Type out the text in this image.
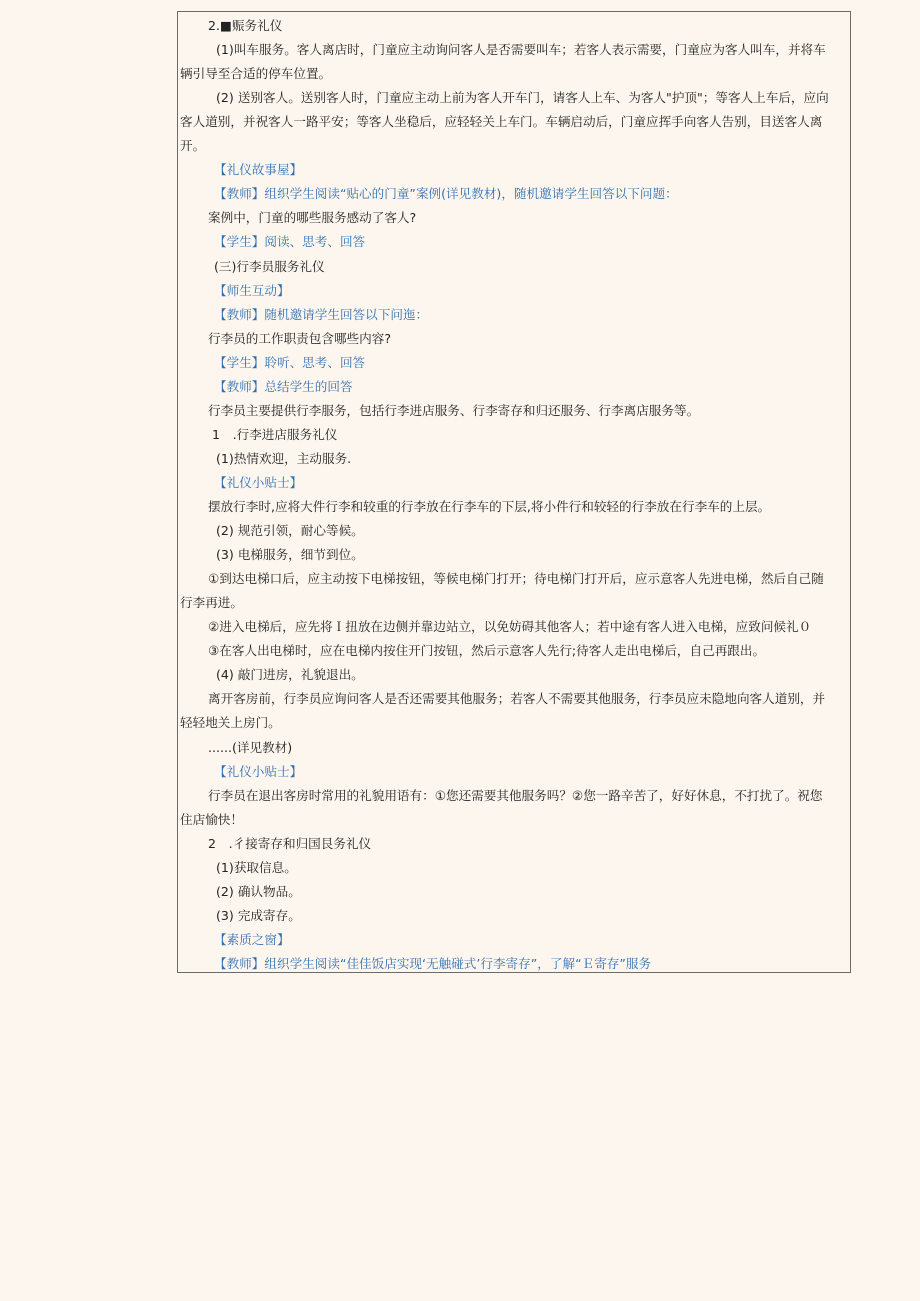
2.■赈务礼仪
(1)叫车服务。客人离店时，门童应主动询问客人是否需要叫车；若客人表示需要，门童应为客人叫车，并将车
辆引导至合适的停车位置。
(2) 送别客人。送别客人时，门童应主动上前为客人开车门，请客人上车、为客人"护顶"；等客人上车后，应向
客人道别，并祝客人一路平安；等客人坐稳后，应轻轻关上车门。车辆启动后，门童应挥手向客人告别，目送客人离
开。
【礼仪故事屋】
【教师】组织学生阅读“贴心的门童”案例(详见教材)，随机邀请学生回答以下问题：
案例中，门童的哪些服务感动了客人?
【学生】阅读、思考、回答
(三)行李员服务礼仪
【师生互动】
【教师】随机邀请学生回答以下问迤：
行李员的工作职责包含哪些内容?
【学生】聆听、思考、回答
【教师】总结学生的回答
行李员主要提供行李服务，包括行李进店服务、行李寄存和归还服务、行李离店服务等。
1　.行李进店服务礼仪
(1)热情欢迎，主动服务.
【礼仪小贴士】
摆放行李时,应将大件行李和较重的行李放在行李车的下层,将小件行和较轻的行李放在行李车的上层。
(2) 规范引领，耐心等候。
(3) 电梯服务，细节到位。
①到达电梯口后，应主动按下电梯按钮，等候电梯门打开；待电梯门打开后，应示意客人先进电梯，然后自己随
行李再进。
②进入电梯后，应先将Ｉ扭放在边侧并靠边站立，以免妨碍其他客人；若中途有客人进入电梯，应致问候礼０
③在客人出电梯时，应在电梯内按住开门按钮，然后示意客人先行;待客人走出电梯后，自己再跟出。
(4) 敲门进房，礼貌退出。
离开客房前，行李员应询问客人是否还需要其他服务；若客人不需要其他服务，行李员应未隐地向客人道别，并
轻轻地关上房门。
......(详见教材)
【礼仪小贴士】
行李员在退出客房时常用的礼貌用语有：①您还需要其他服务吗？②您一路辛苦了，好好休息，不打扰了。祝您
住店愉快！
2　.彳接寄存和归国艮务礼仪
(1)获取信息。
(2) 确认物品。
(3) 完成寄存。
【素质之窗】
【教师】组织学生阅读“佳佳饭店实现‘无触碰式’行李寄存”，了解“Ｅ寄存”服务
